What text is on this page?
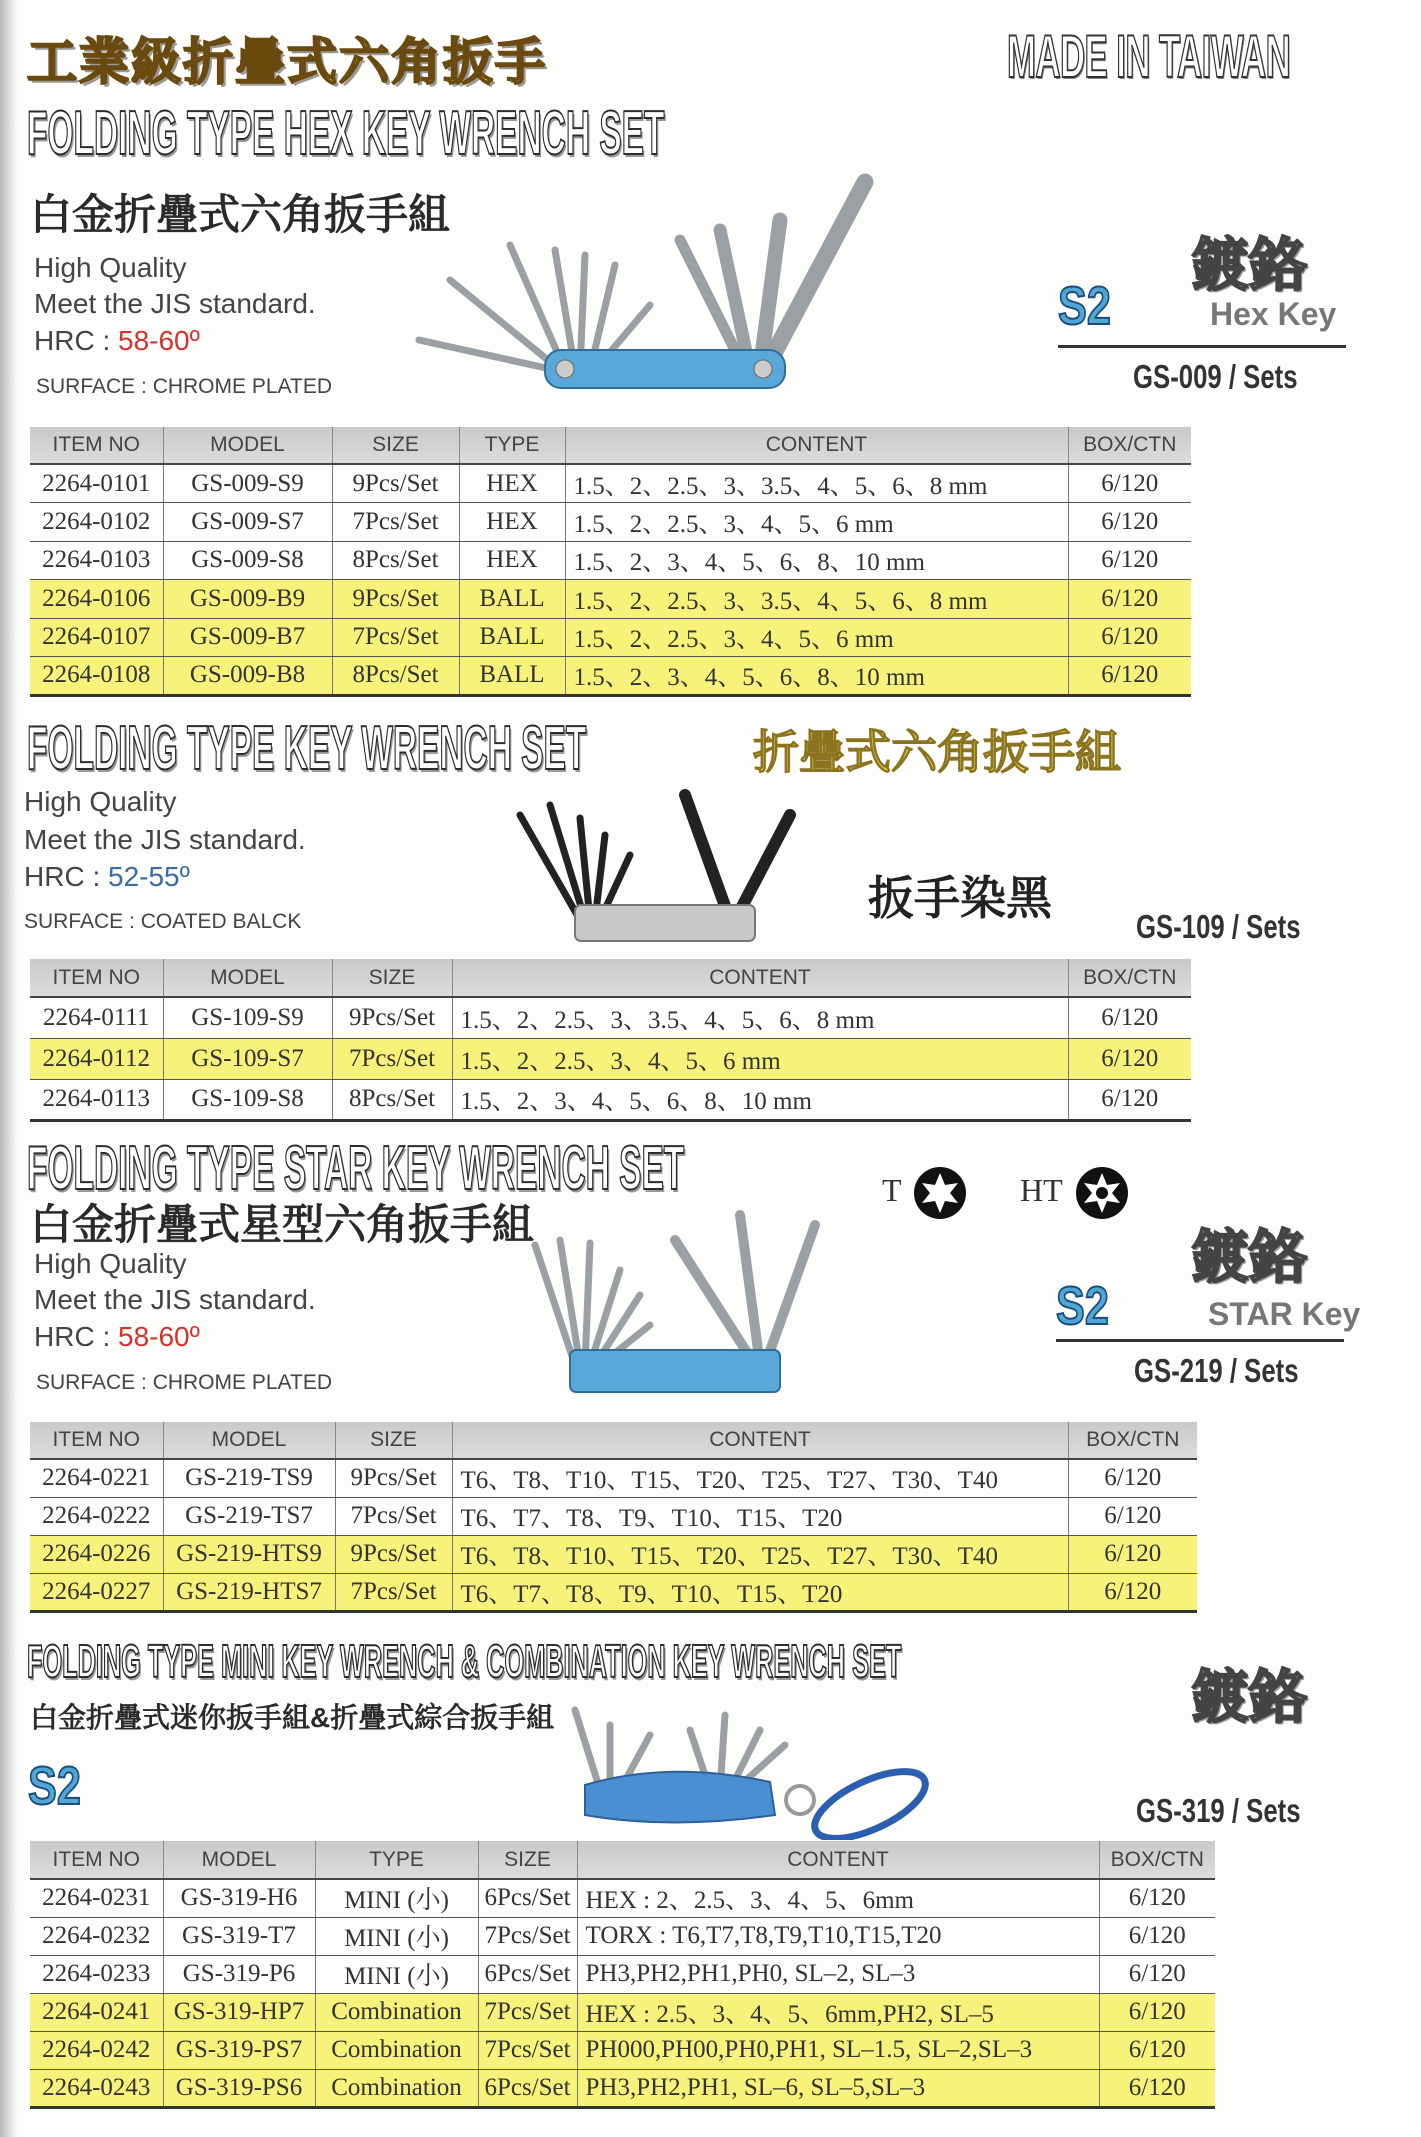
工業級折疊式六角扳手	MADE IN TAIWAN
FOLDING TYPE HEX KEY WRENCH SET
白金折疊式六角扳手組
High Quality
Meet the JIS standard.
HRC : 58-60º
SURFACE : CHROME PLATED
鍍鉻
S2	Hex Key
GS-009 / Sets
ITEM NO	MODEL	SIZE	TYPE	CONTENT	BOX/CTN
2264-0101	GS-009-S9	9Pcs/Set	HEX	1.5、2、2.5、3、3.5、4、5、6、8 mm	6/120
2264-0102	GS-009-S7	7Pcs/Set	HEX	1.5、2、2.5、3、4、5、6 mm	6/120
2264-0103	GS-009-S8	8Pcs/Set	HEX	1.5、2、3、4、5、6、8、10 mm	6/120
2264-0106	GS-009-B9	9Pcs/Set	BALL	1.5、2、2.5、3、3.5、4、5、6、8 mm	6/120
2264-0107	GS-009-B7	7Pcs/Set	BALL	1.5、2、2.5、3、4、5、6 mm	6/120
2264-0108	GS-009-B8	8Pcs/Set	BALL	1.5、2、3、4、5、6、8、10 mm	6/120
FOLDING TYPE KEY WRENCH SET	折疊式六角扳手組
High Quality
Meet the JIS standard.
HRC : 52-55º
SURFACE : COATED BALCK	扳手染黑
GS-109 / Sets
ITEM NO	MODEL	SIZE	CONTENT	BOX/CTN
2264-0111	GS-109-S9	9Pcs/Set	1.5、2、2.5、3、3.5、4、5、6、8 mm	6/120
2264-0112	GS-109-S7	7Pcs/Set	1.5、2、2.5、3、4、5、6 mm	6/120
2264-0113	GS-109-S8	8Pcs/Set	1.5、2、3、4、5、6、8、10 mm	6/120
FOLDING TYPE STAR KEY WRENCH SET
白金折疊式星型六角扳手組
High Quality
Meet the JIS standard.
HRC : 58-60º
SURFACE : CHROME PLATED
T	HT
鍍鉻
S2	STAR Key
GS-219 / Sets
ITEM NO	MODEL	SIZE	CONTENT	BOX/CTN
2264-0221	GS-219-TS9	9Pcs/Set	T6、T8、T10、T15、T20、T25、T27、T30、T40	6/120
2264-0222	GS-219-TS7	7Pcs/Set	T6、T7、T8、T9、T10、T15、T20	6/120
2264-0226	GS-219-HTS9	9Pcs/Set	T6、T8、T10、T15、T20、T25、T27、T30、T40	6/120
2264-0227	GS-219-HTS7	7Pcs/Set	T6、T7、T8、T9、T10、T15、T20	6/120
FOLDING TYPE MINI KEY WRENCH & COMBINATION KEY WRENCH SET
白金折疊式迷你扳手組&折疊式綜合扳手組
S2
鍍鉻
GS-319 / Sets
ITEM NO	MODEL	TYPE	SIZE	CONTENT	BOX/CTN
2264-0231	GS-319-H6	MINI (小)	6Pcs/Set	HEX : 2、2.5、3、4、5、6mm	6/120
2264-0232	GS-319-T7	MINI (小)	7Pcs/Set	TORX : T6,T7,T8,T9,T10,T15,T20	6/120
2264-0233	GS-319-P6	MINI (小)	6Pcs/Set	PH3,PH2,PH1,PH0, SL–2, SL–3	6/120
2264-0241	GS-319-HP7	Combination	7Pcs/Set	HEX : 2.5、3、4、5、6mm,PH2, SL–5	6/120
2264-0242	GS-319-PS7	Combination	7Pcs/Set	PH000,PH00,PH0,PH1, SL–1.5, SL–2,SL–3	6/120
2264-0243	GS-319-PS6	Combination	6Pcs/Set	PH3,PH2,PH1, SL–6, SL–5,SL–3	6/120
